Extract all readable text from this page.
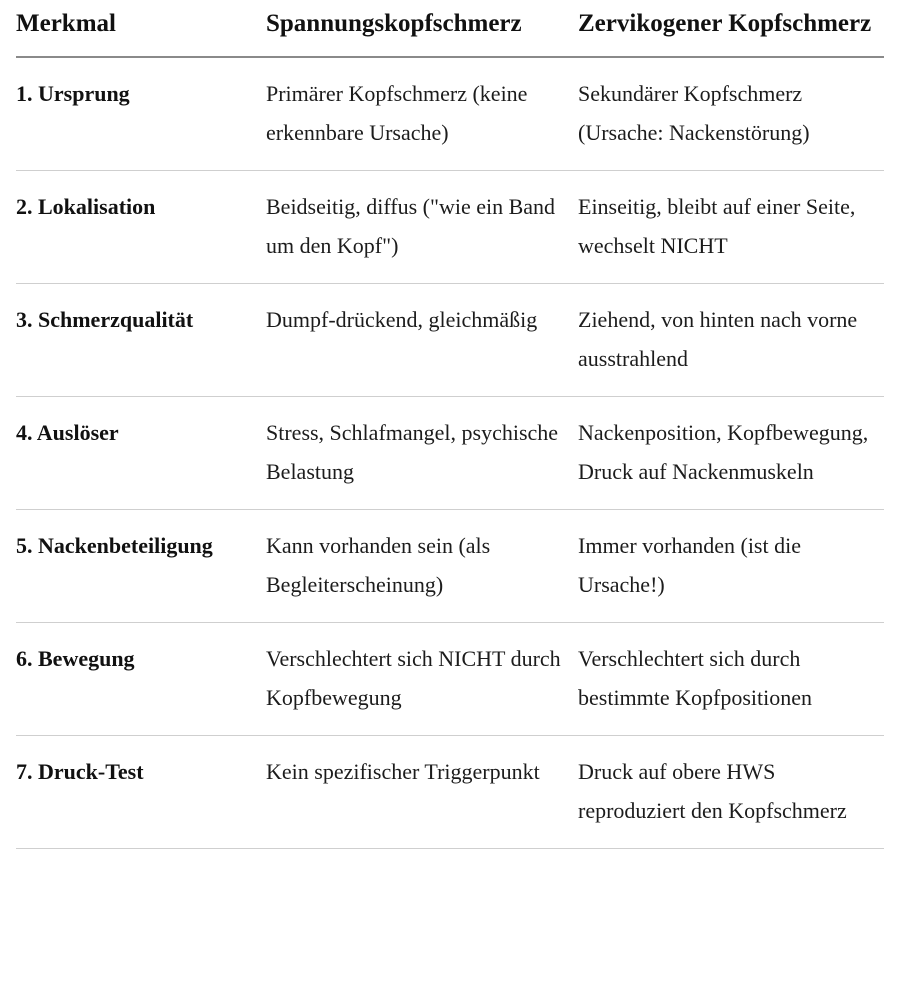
Merkmal	Spannungskopfschmerz	Zervikogener Kopfschmerz
1. Ursprung	Primärer Kopfschmerz (keine erkennbare Ursache)	Sekundärer Kopfschmerz (Ursache: Nackenstörung)
2. Lokalisation	Beidseitig, diffus ("wie ein Band um den Kopf")	Einseitig, bleibt auf einer Seite, wechselt NICHT
3. Schmerzqualität	Dumpf-drückend, gleichmäßig	Ziehend, von hinten nach vorne ausstrahlend
4. Auslöser	Stress, Schlafmangel, psychische Belastung	Nackenposition, Kopfbewegung, Druck auf Nackenmuskeln
5. Nackenbeteiligung	Kann vorhanden sein (als Begleiterscheinung)	Immer vorhanden (ist die Ursache!)
6. Bewegung	Verschlechtert sich NICHT durch Kopfbewegung	Verschlechtert sich durch bestimmte Kopfpositionen
7. Druck-Test	Kein spezifischer Triggerpunkt	Druck auf obere HWS reproduziert den Kopfschmerz
